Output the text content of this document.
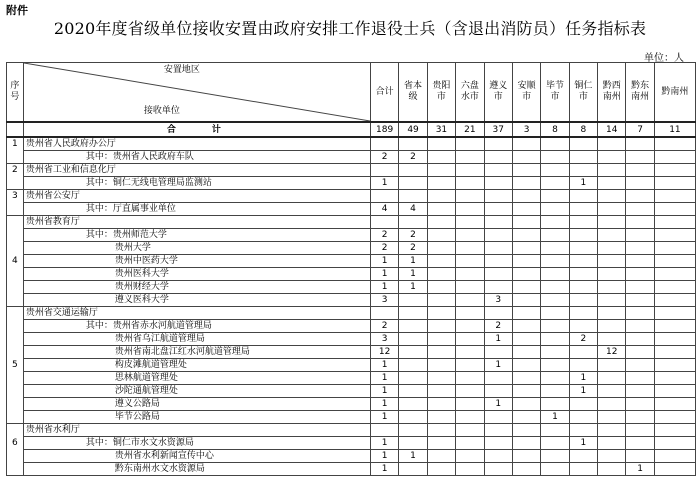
附件
2020年度省级单位接收安置由政府安排工作退役士兵（含退出消防员）任务指标表
单位：人
序号	安置地区
接收单位	合计	省本级	贵阳市	六盘水市	遵义市	安顺市	毕节市	铜仁市	黔西南州	黔东南州	黔南州
	合　　计	189	49	31	21	37	3	8	8	14	7	11
1	贵州省人民政府办公厅											
	其中：贵州省人民政府车队	2	2									
2	贵州省工业和信息化厅											
	其中：铜仁无线电管理局监测站	1							1			
3	贵州省公安厅											
	其中：厅直属事业单位	4	4									
	贵州省教育厅											
	其中：贵州师范大学	2	2									
	贵州大学	2	2									
4	贵州中医药大学	1	1									
	贵州医科大学	1	1									
	贵州财经大学	1	1									
	遵义医科大学	3				3						
	贵州省交通运输厅											
	其中：贵州省赤水河航道管理局	2				2						
	贵州省乌江航道管理局	3				1			2			
	贵州省南北盘江红水河航道管理局	12								12		
5	构皮滩航道管理处	1				1						
	思林航道管理处	1							1			
	沙陀通航管理处	1							1			
	遵义公路局	1				1						
	毕节公路局	1						1				
	贵州省水利厅											
6	其中：铜仁市水文水资源局	1							1			
	贵州省水利新闻宣传中心	1	1									
	黔东南州水文水资源局	1									1	
